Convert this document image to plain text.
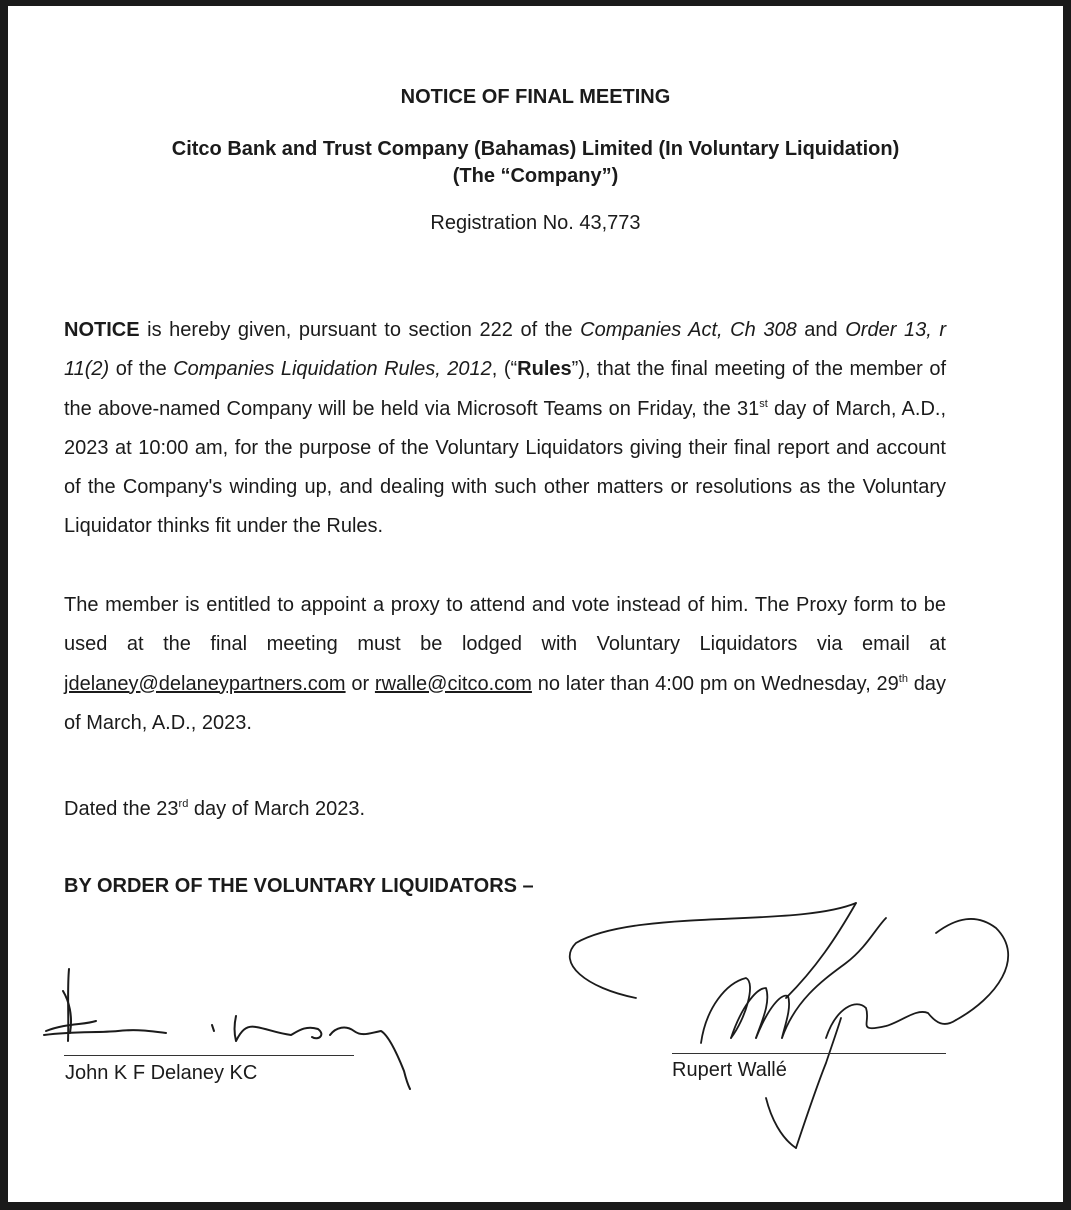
NOTICE OF FINAL MEETING
Citco Bank and Trust Company (Bahamas) Limited (In Voluntary Liquidation)
(The “Company”)
Registration No. 43,773
NOTICE is hereby given, pursuant to section 222 of the Companies Act, Ch 308 and Order 13, r 11(2) of the Companies Liquidation Rules, 2012, (“Rules”), that the final meeting of the member of the above-named Company will be held via Microsoft Teams on Friday, the 31st day of March, A.D., 2023 at 10:00 am, for the purpose of the Voluntary Liquidators giving their final report and account of the Company's winding up, and dealing with such other matters or resolutions as the Voluntary Liquidator thinks fit under the Rules.
The member is entitled to appoint a proxy to attend and vote instead of him. The Proxy form to be used at the final meeting must be lodged with Voluntary Liquidators via email at jdelaney@delaneypartners.com or rwalle@citco.com no later than 4:00 pm on Wednesday, 29th day of March, A.D., 2023.
Dated the 23rd day of March 2023.
BY ORDER OF THE VOLUNTARY LIQUIDATORS –
John K F Delaney KC	Rupert Wallé
